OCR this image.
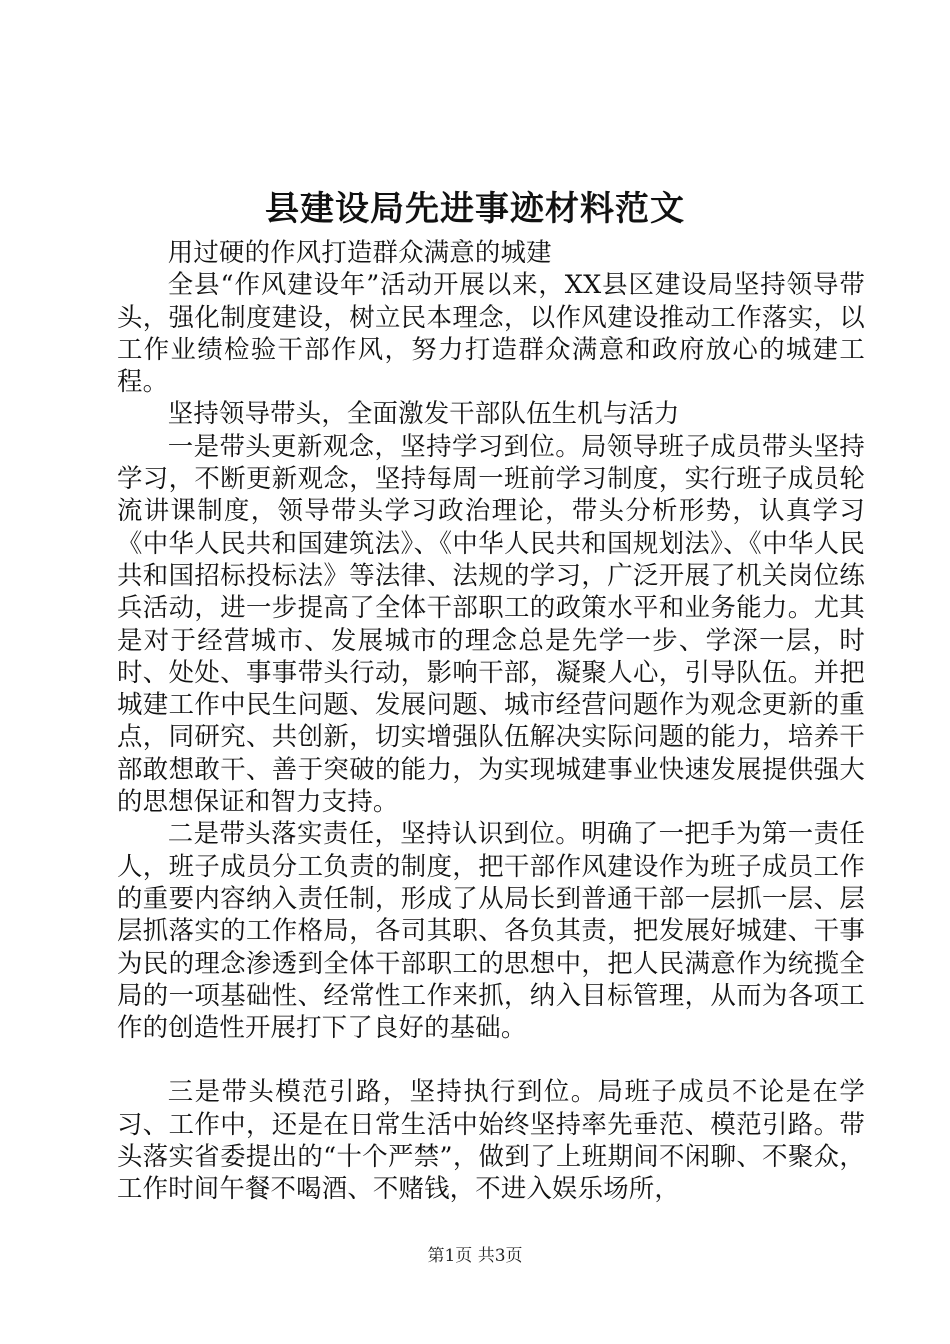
县建设局先进事迹材料范文

用过硬的作风打造群众满意的城建

全县“作风建设年”活动开展以来，XX县区建设局坚持领导带头，强化制度建设，树立民本理念，以作风建设推动工作落实，以工作业绩检验干部作风，努力打造群众满意和政府放心的城建工程。

坚持领导带头，全面激发干部队伍生机与活力

一是带头更新观念，坚持学习到位。局领导班子成员带头坚持学习，不断更新观念，坚持每周一班前学习制度，实行班子成员轮流讲课制度，领导带头学习政治理论，带头分析形势，认真学习《中华人民共和国建筑法》、《中华人民共和国规划法》、《中华人民共和国招标投标法》等法律、法规的学习，广泛开展了机关岗位练兵活动，进一步提高了全体干部职工的政策水平和业务能力。尤其是对于经营城市、发展城市的理念总是先学一步、学深一层，时时、处处、事事带头行动，影响干部，凝聚人心，引导队伍。并把城建工作中民生问题、发展问题、城市经营问题作为观念更新的重点，同研究、共创新，切实增强队伍解决实际问题的能力，培养干部敢想敢干、善于突破的能力，为实现城建事业快速发展提供强大的思想保证和智力支持。

二是带头落实责任，坚持认识到位。明确了一把手为第一责任人，班子成员分工负责的制度，把干部作风建设作为班子成员工作的重要内容纳入责任制，形成了从局长到普通干部一层抓一层、层层抓落实的工作格局，各司其职、各负其责，把发展好城建、干事为民的理念渗透到全体干部职工的思想中，把人民满意作为统揽全局的一项基础性、经常性工作来抓，纳入目标管理，从而为各项工作的创造性开展打下了良好的基础。

三是带头模范引路，坚持执行到位。局班子成员不论是在学习、工作中，还是在日常生活中始终坚持率先垂范、模范引路。带头落实省委提出的“十个严禁”，做到了上班期间不闲聊、不聚众，工作时间午餐不喝酒、不赌钱，不进入娱乐场所，

第1页 共3页
